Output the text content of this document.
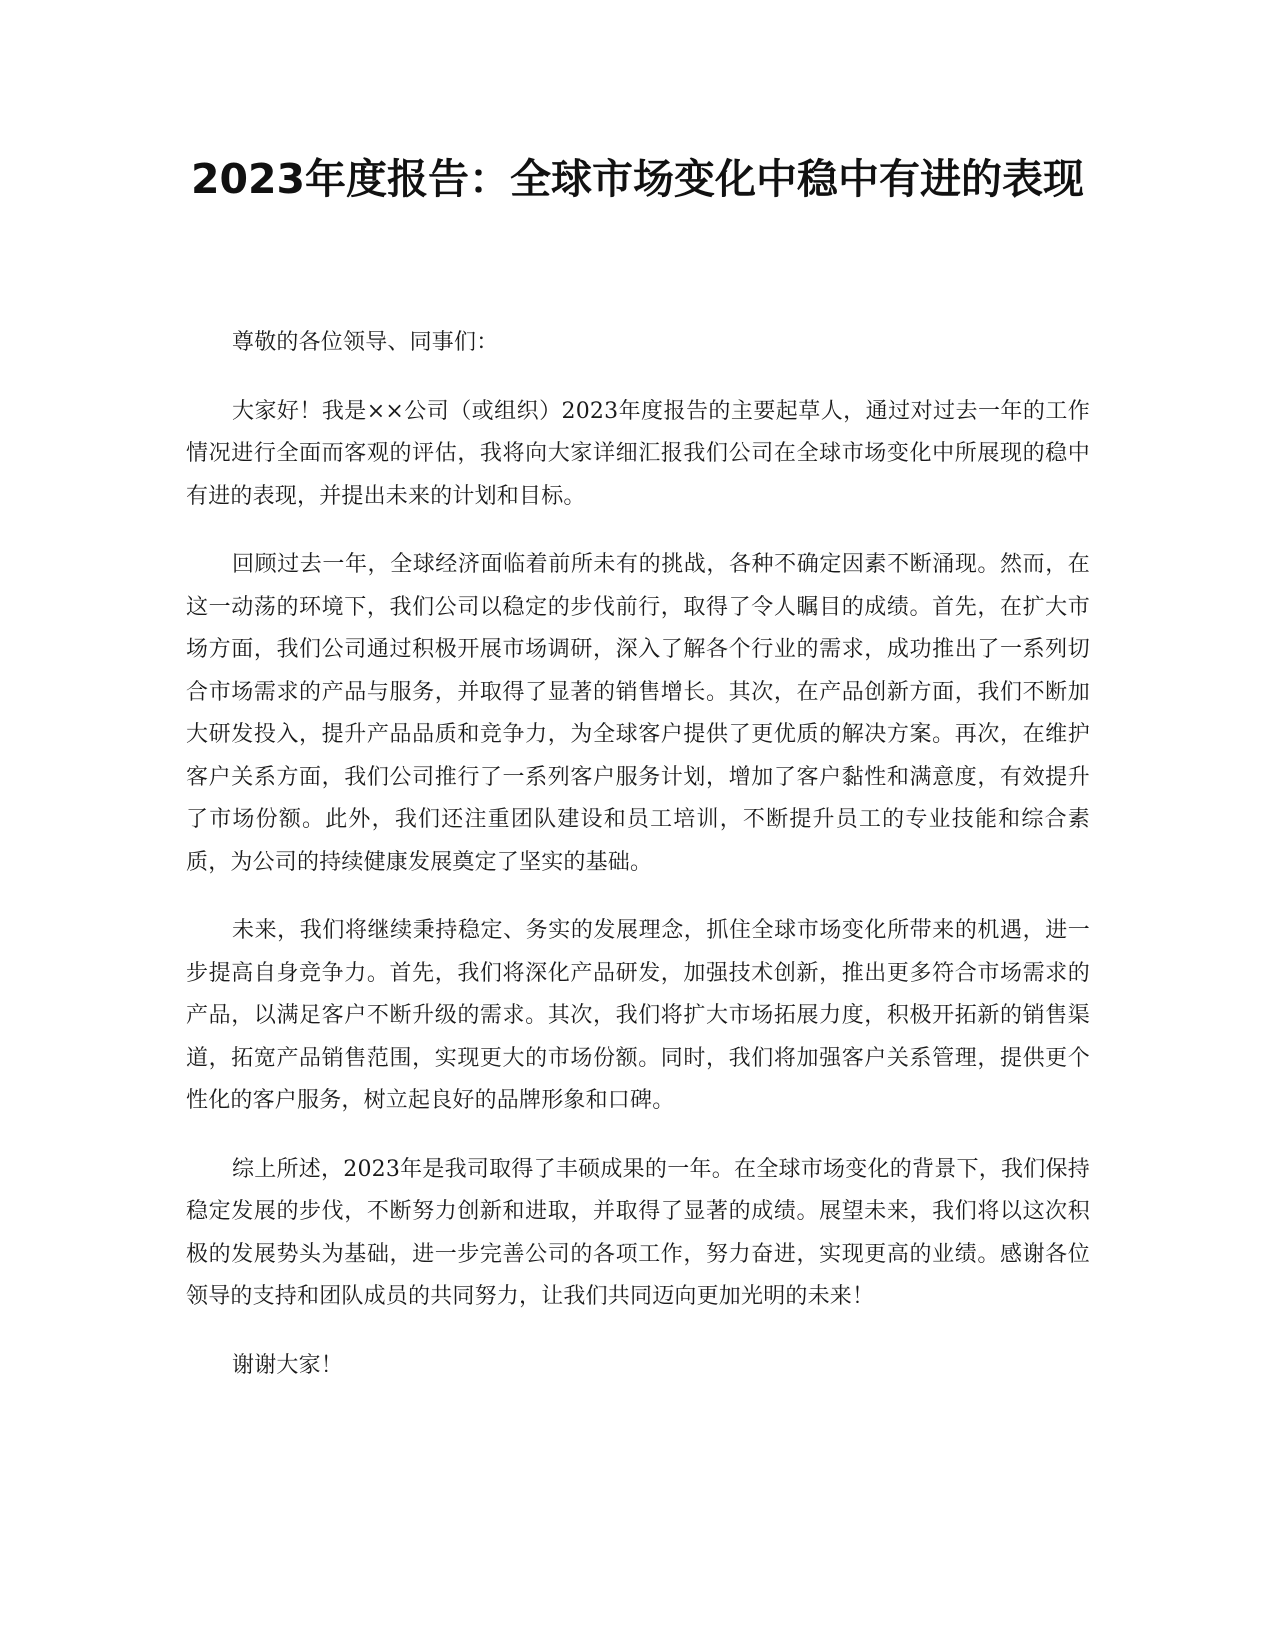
2023年度报告：全球市场变化中稳中有进的表现

尊敬的各位领导、同事们：

大家好！我是××公司（或组织）2023年度报告的主要起草人，通过对过去一年的工作情况进行全面而客观的评估，我将向大家详细汇报我们公司在全球市场变化中所展现的稳中有进的表现，并提出未来的计划和目标。

回顾过去一年，全球经济面临着前所未有的挑战，各种不确定因素不断涌现。然而，在这一动荡的环境下，我们公司以稳定的步伐前行，取得了令人瞩目的成绩。首先，在扩大市场方面，我们公司通过积极开展市场调研，深入了解各个行业的需求，成功推出了一系列切合市场需求的产品与服务，并取得了显著的销售增长。其次，在产品创新方面，我们不断加大研发投入，提升产品品质和竞争力，为全球客户提供了更优质的解决方案。再次，在维护客户关系方面，我们公司推行了一系列客户服务计划，增加了客户黏性和满意度，有效提升了市场份额。此外，我们还注重团队建设和员工培训，不断提升员工的专业技能和综合素质，为公司的持续健康发展奠定了坚实的基础。

未来，我们将继续秉持稳定、务实的发展理念，抓住全球市场变化所带来的机遇，进一步提高自身竞争力。首先，我们将深化产品研发，加强技术创新，推出更多符合市场需求的产品，以满足客户不断升级的需求。其次，我们将扩大市场拓展力度，积极开拓新的销售渠道，拓宽产品销售范围，实现更大的市场份额。同时，我们将加强客户关系管理，提供更个性化的客户服务，树立起良好的品牌形象和口碑。

综上所述，2023年是我司取得了丰硕成果的一年。在全球市场变化的背景下，我们保持稳定发展的步伐，不断努力创新和进取，并取得了显著的成绩。展望未来，我们将以这次积极的发展势头为基础，进一步完善公司的各项工作，努力奋进，实现更高的业绩。感谢各位领导的支持和团队成员的共同努力，让我们共同迈向更加光明的未来！

谢谢大家！
